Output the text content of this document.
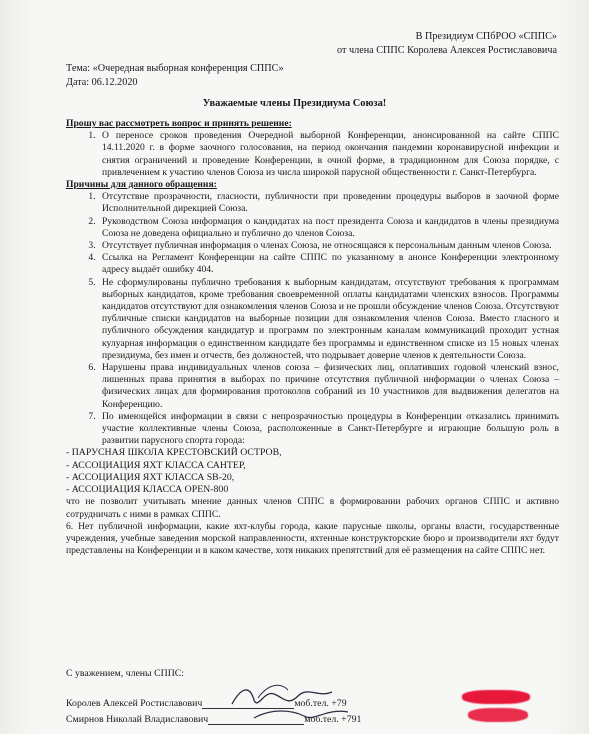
В Президиум СПбРОО «СППС»
от члена СППС Королева Алексея Ростиславовича
Тема: «Очередная выборная конференция СППС»
Дата: 06.12.2020
Уважаемые члены Президиума Союза!

Прошу вас рассмотреть вопрос и принять решение:

1. О переносе сроков проведения Очередной выборной Конференции, анонсированной на сайте СППС 14.11.2020 г. в форме заочного голосования, на период окончания пандемии коронавирусной инфекции и снятия ограничений и проведение Конференции, в очной форме, в традиционном для Союза порядке, с привлечением к участию членов Союза из числа широкой парусной общественности г. Санкт-Петербурга.

Причины для данного обращения:

1. Отсутствие прозрачности, гласности, публичности при проведении процедуры выборов в заочной форме Исполнительной дирекцией Союза.
2. Руководством Союза информация о кандидатах на пост президента Союза и кандидатов в члены президиума Союза не доведена официально и публично до членов Союза.
3. Отсутствует публичная информация о членах Союза, не относящаяся к персональным данным членов Союза.
4. Ссылка на Регламент Конференции на сайте СППС по указанному в анонсе Конференции электронному адресу выдаёт ошибку 404.
5. Не сформулированы публично требования к выборным кандидатам, отсутствуют требования к программам выборных кандидатов, кроме требования своевременной оплаты кандидатами членских взносов. Программы кандидатов отсутствуют для ознакомления членов Союза и не прошли обсуждение членов Союза. Отсутствуют публичные списки кандидатов на выборные позиции для ознакомления членов Союза. Вместо гласного и публичного обсуждения кандидатур и программ по электронным каналам коммуникаций проходит устная кулуарная информация о единственном кандидате без программы и единственном списке из 15 новых членах президиума, без имен и отчеств, без должностей, что подрывает доверие членов к деятельности Союза.
6. Нарушены права индивидуальных членов союза – физических лиц, оплативших годовой членский взнос, лишенных права принятия в выборах по причине отсутствия публичной информации о членах Союза – физических лицах для формирования протоколов собраний из 10 участников для выдвижения делегатов на Конференцию.
7. По имеющейся информации в связи с непрозрачностью процедуры в Конференции отказались принимать участие коллективные члены Союза, расположенные в Санкт-Петербурге и играющие большую роль в развитии парусного спорта города:
- ПАРУСНАЯ ШКОЛА КРЕСТОВСКИЙ ОСТРОВ,
- АССОЦИАЦИЯ ЯХТ КЛАССА САНТЕР,
- АССОЦИАЦИЯ ЯХТ КЛАССА SB-20,
- АССОЦИАЦИЯ КЛАССА OPEN-800

что не позволит учитывать мнение данных членов СППС в формировании рабочих органов СППС и активно сотрудничать с ними в рамках СППС.

6. Нет публичной информации, какие яхт-клубы города, какие парусные школы, органы власти, государственные учреждения, учебные заведения морской направленности, яхтенные конструкторские бюро и производители яхт будут представлены на Конференции и в каком качестве, хотя никаких препятствий для её размещения на сайте СППС нет.

С уважением, члены СППС:
Королев Алексей Ростиславович	моб.тел. +79
Смирнов Николай Владиславович	моб.тел. +791
